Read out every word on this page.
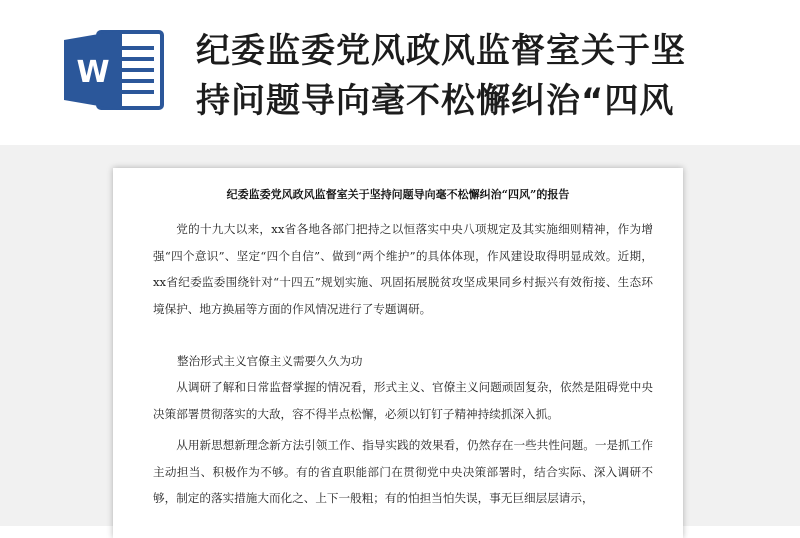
W
纪委监委党风政风监督室关于坚
持问题导向毫不松懈纠治“四风
纪委监委党风政风监督室关于坚持问题导向毫不松懈纠治“四风”的报告

党的十九大以来，xx省各地各部门把持之以恒落实中央八项规定及其实施细则精神，作为增强“四个意识”、坚定“四个自信”、做到“两个维护”的具体体现，作风建设取得明显成效。近期，xx省纪委监委围绕针对“十四五”规划实施、巩固拓展脱贫攻坚成果同乡村振兴有效衔接、生态环境保护、地方换届等方面的作风情况进行了专题调研。

整治形式主义官僚主义需要久久为功

从调研了解和日常监督掌握的情况看，形式主义、官僚主义问题顽固复杂，依然是阻碍党中央决策部署贯彻落实的大敌，容不得半点松懈，必须以钉钉子精神持续抓深入抓。

从用新思想新理念新方法引领工作、指导实践的效果看，仍然存在一些共性问题。一是抓工作主动担当、积极作为不够。有的省直职能部门在贯彻党中央决策部署时，结合实际、深入调研不够，制定的落实措施大而化之、上下一般粗；有的怕担当怕失误，事无巨细层层请示，
